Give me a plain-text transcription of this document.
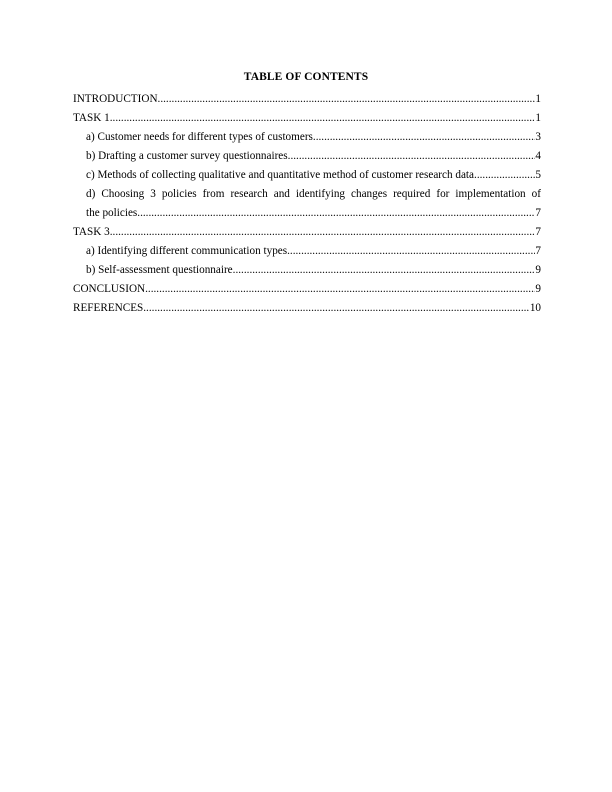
TABLE OF CONTENTS
INTRODUCTION .....	1
TASK 1 .....	1
a) Customer needs for different types of customers .....	3
b) Drafting a customer survey questionnaires .....	4
c) Methods of collecting qualitative and quantitative method of customer research data. .....	5
d) Choosing 3 policies from research and identifying changes required for implementation of
the policies .....	7
TASK 3 .....	7
a) Identifying different communication types .....	7
b) Self-assessment questionnaire .....	9
CONCLUSION .....	9
REFERENCES .....	10
